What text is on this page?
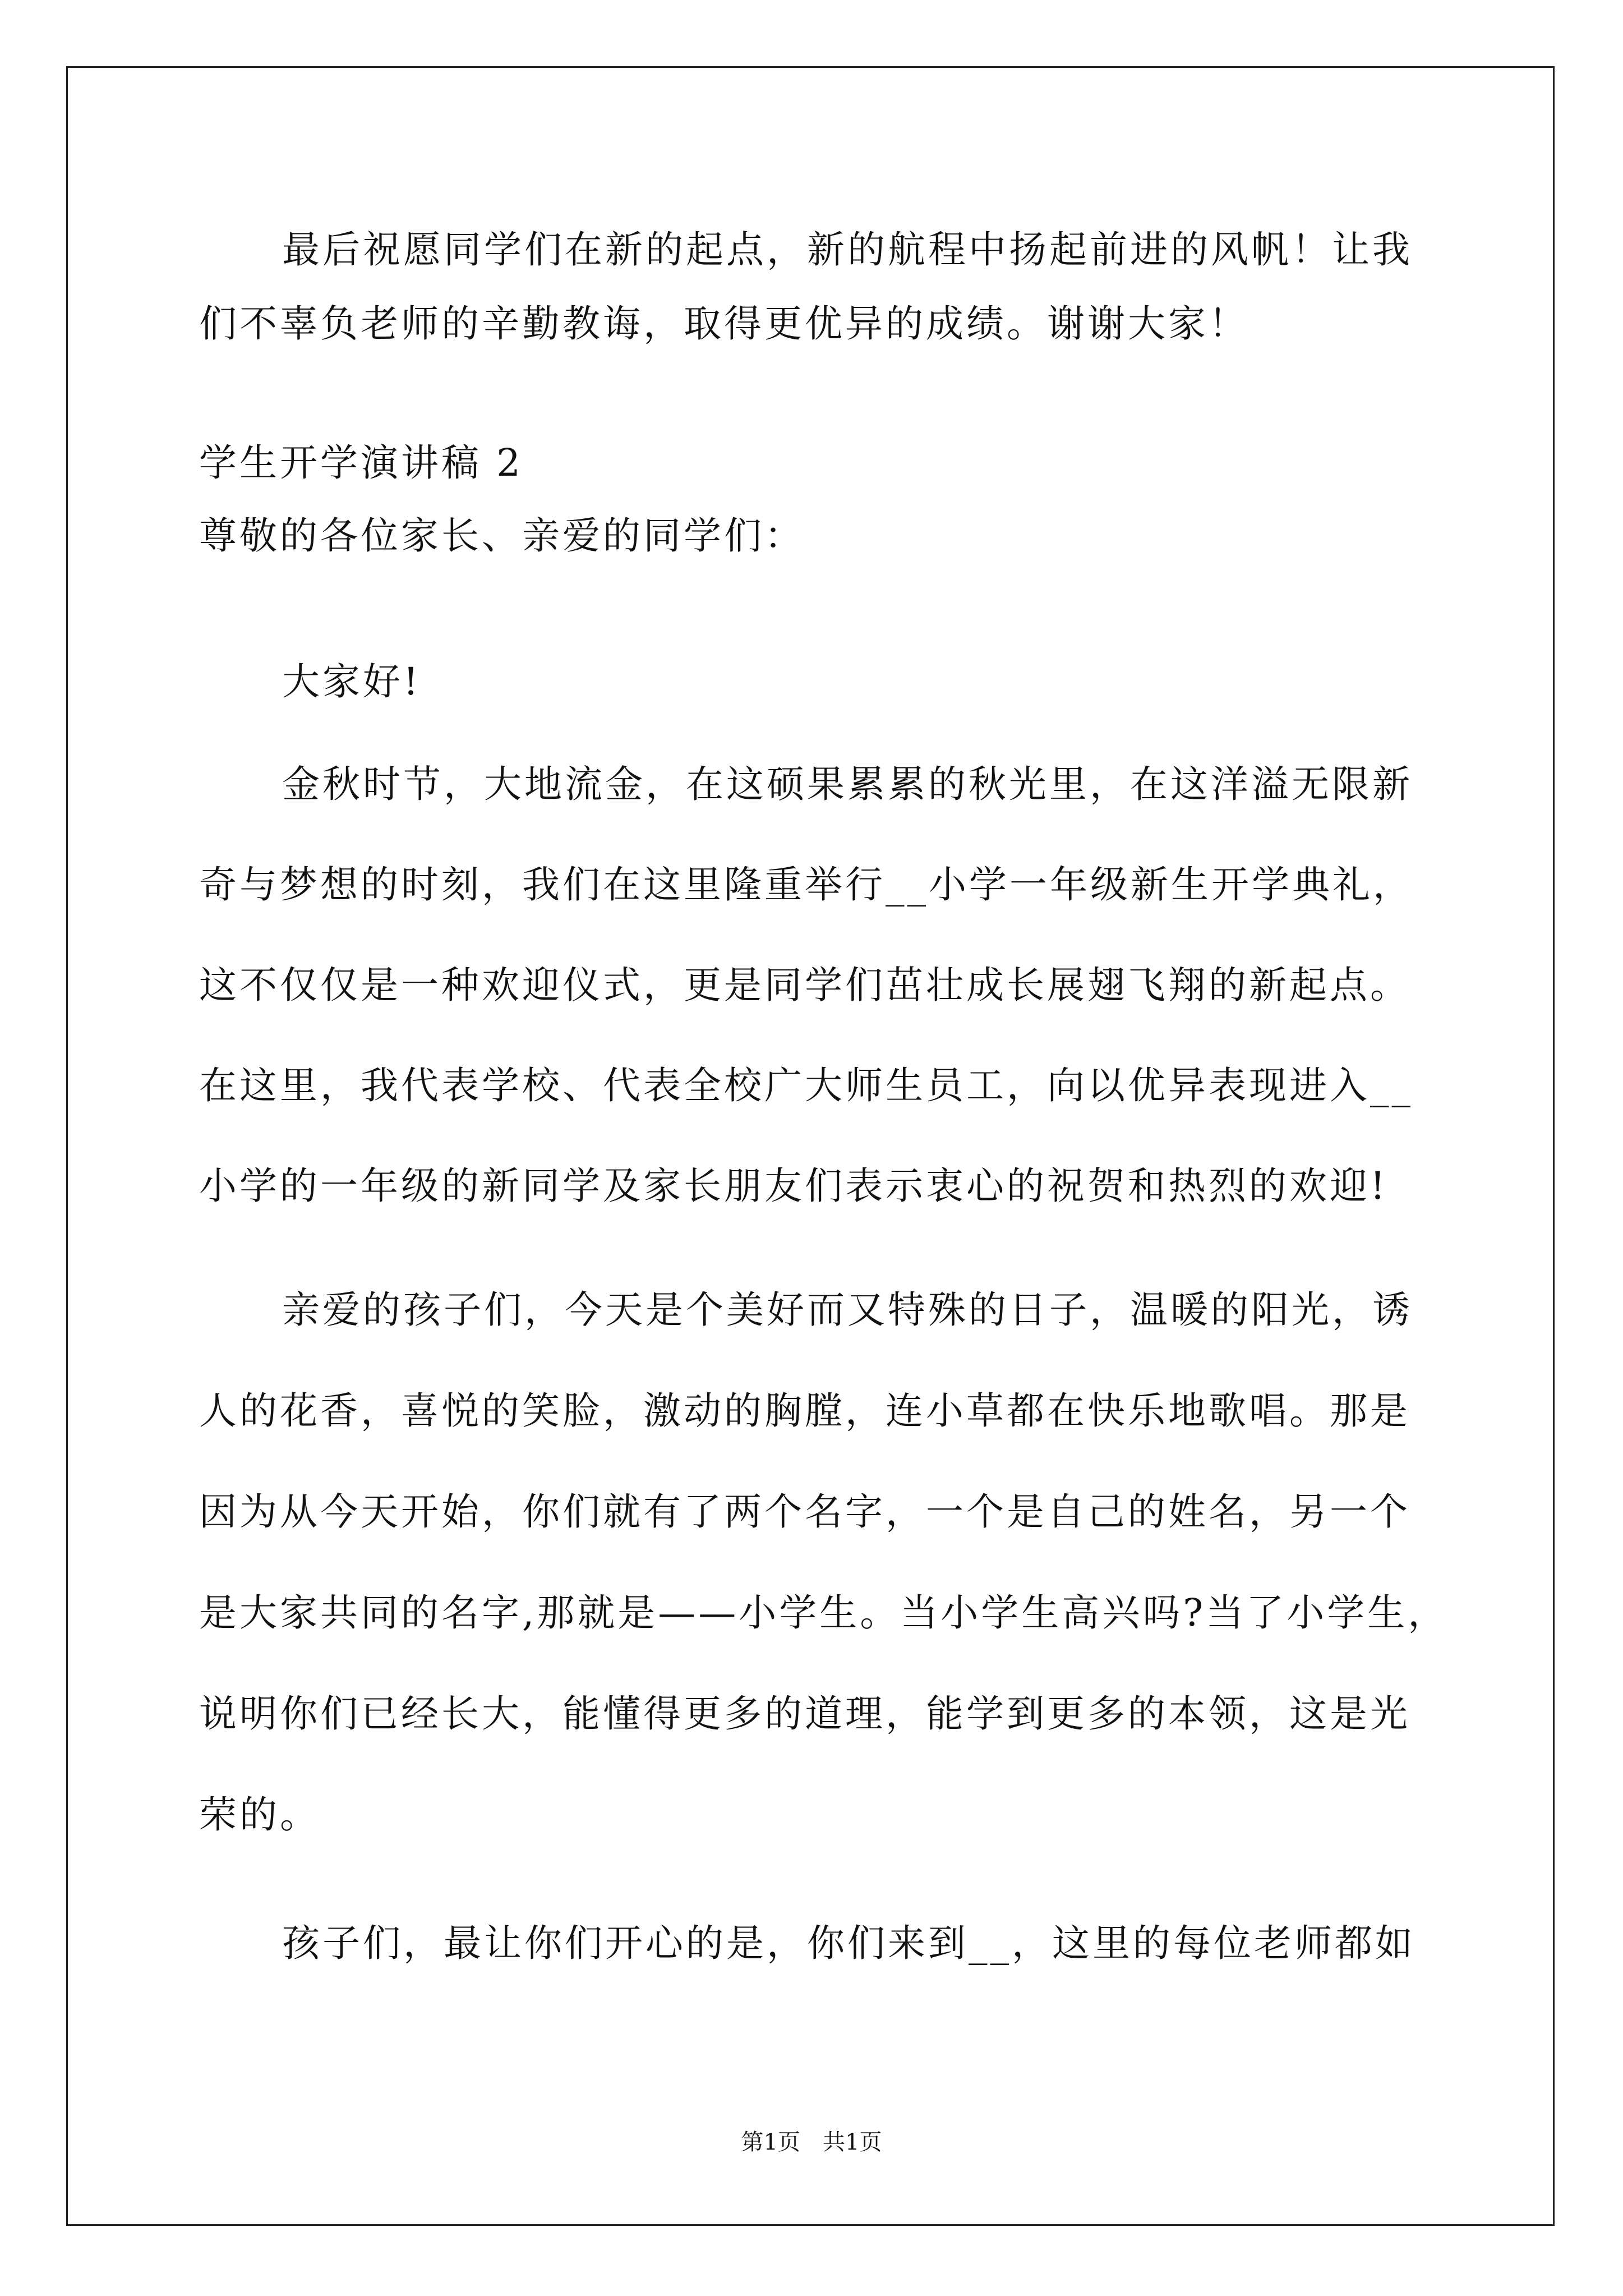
最后祝愿同学们在新的起点，新的航程中扬起前进的风帆！让我

们不辜负老师的辛勤教诲，取得更优异的成绩。谢谢大家！

学生开学演讲稿 2

尊敬的各位家长、亲爱的同学们：

大家好!

金秋时节，大地流金，在这硕果累累的秋光里，在这洋溢无限新

奇与梦想的时刻，我们在这里隆重举行__小学一年级新生开学典礼，

这不仅仅是一种欢迎仪式，更是同学们茁壮成长展翅飞翔的新起点。

在这里，我代表学校、代表全校广大师生员工，向以优异表现进入__

小学的一年级的新同学及家长朋友们表示衷心的祝贺和热烈的欢迎!

亲爱的孩子们，今天是个美好而又特殊的日子，温暖的阳光，诱

人的花香，喜悦的笑脸，激动的胸膛，连小草都在快乐地歌唱。那是

因为从今天开始，你们就有了两个名字，一个是自己的姓名，另一个

是大家共同的名字,那就是——小学生。当小学生高兴吗?当了小学生，

说明你们已经长大，能懂得更多的道理，能学到更多的本领，这是光

荣的。

孩子们，最让你们开心的是，你们来到__，这里的每位老师都如

第1页　共1页
